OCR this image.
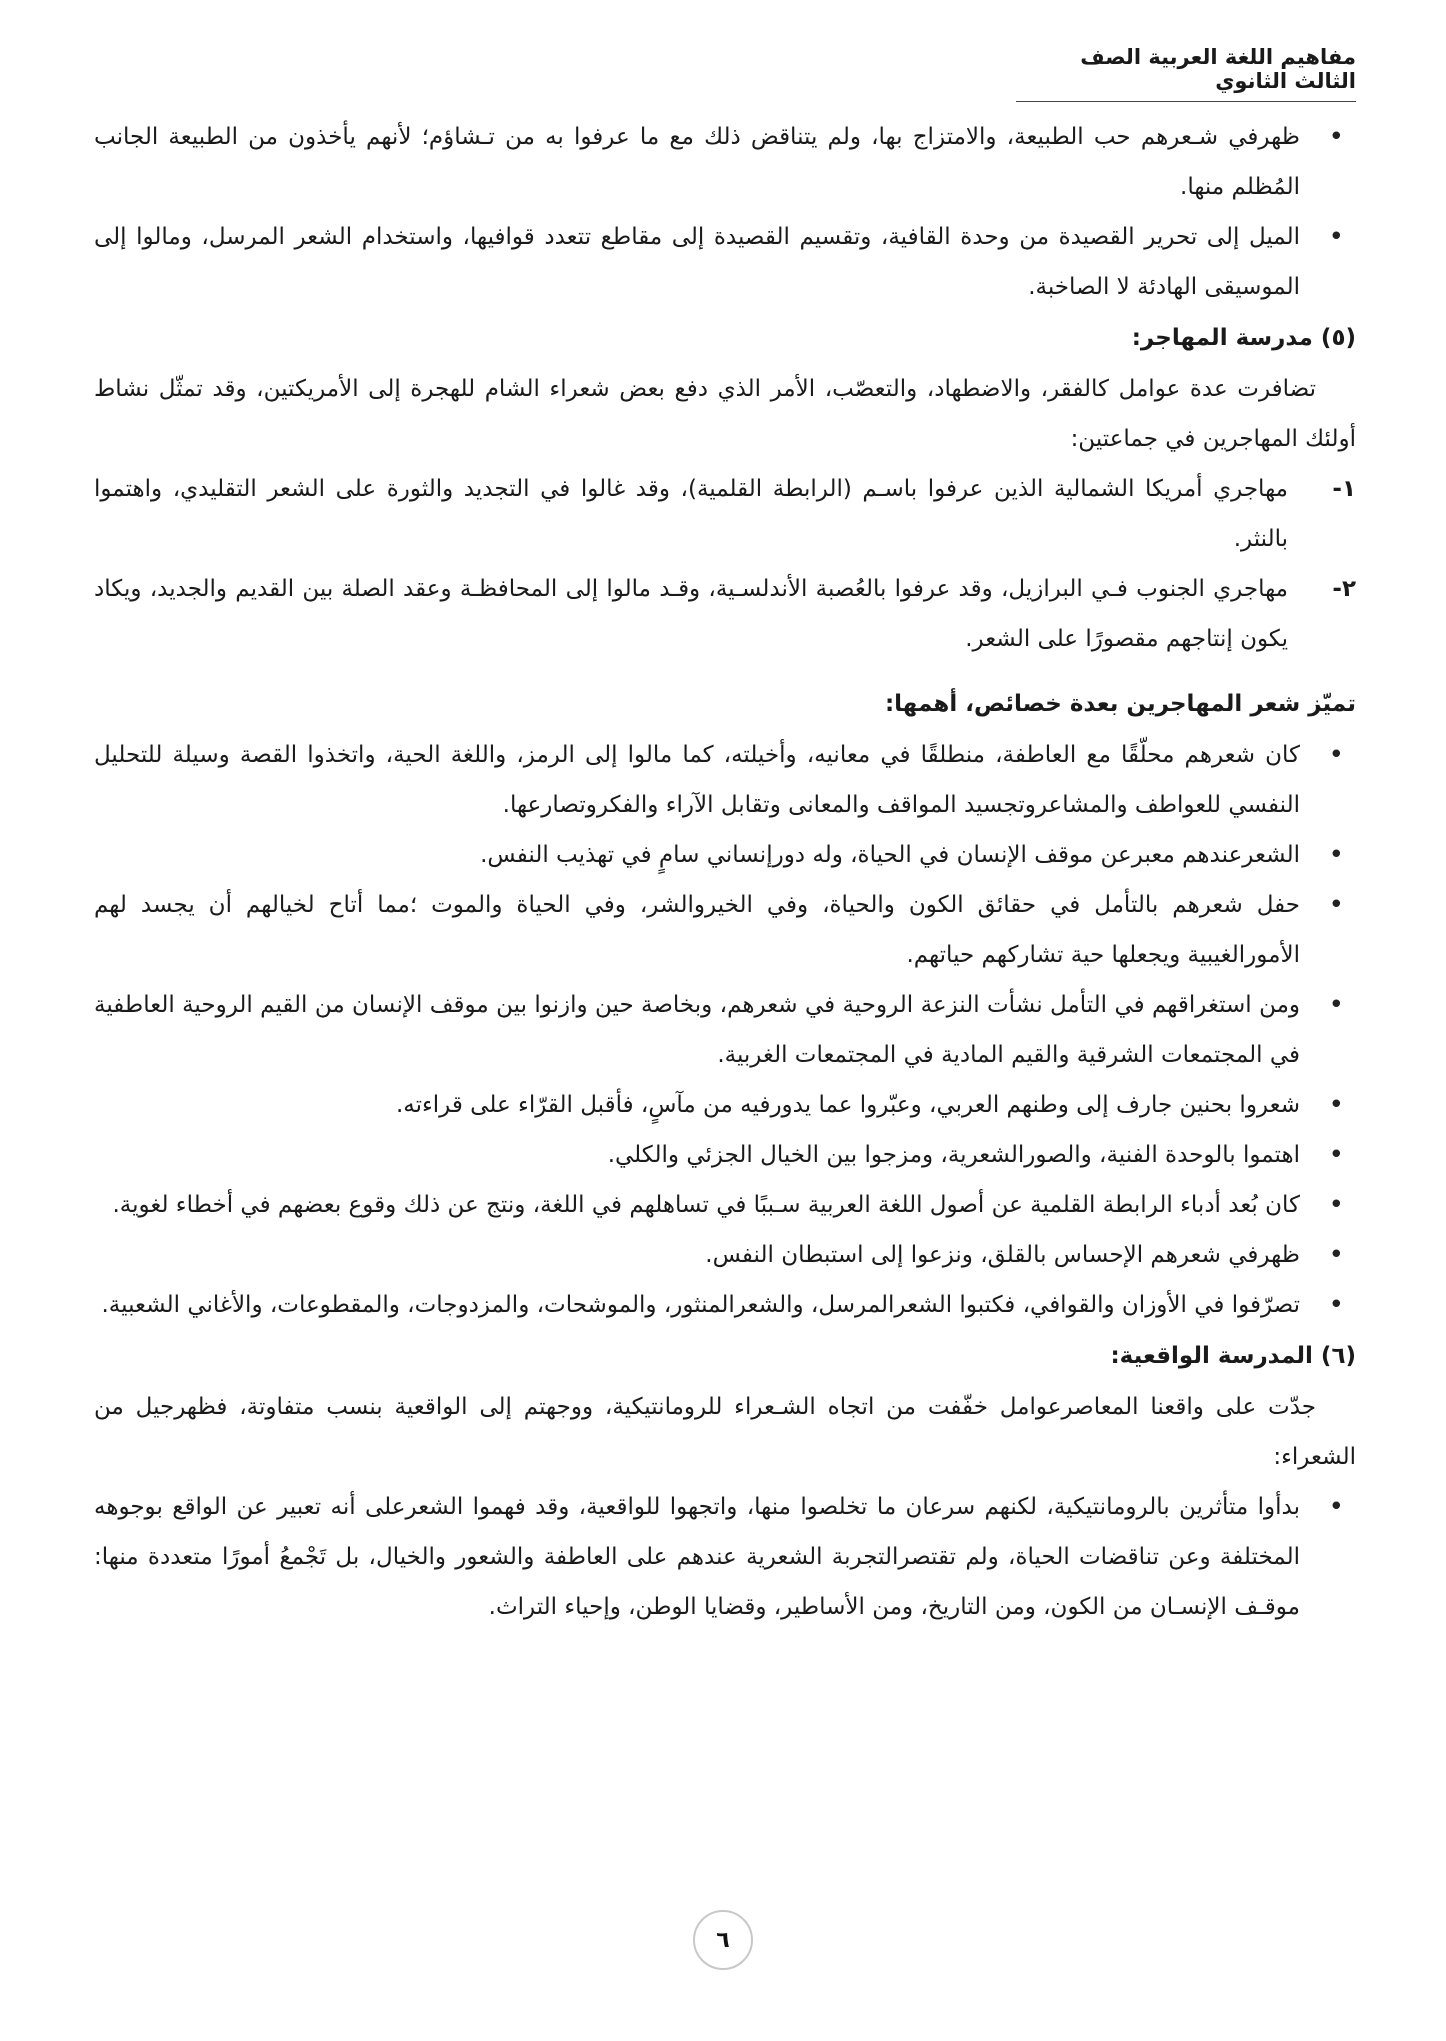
مفاهيم اللغة العربية الصف الثالث الثانوي
• ظهرفي شـعرهم حب الطبيعة، والامتزاج بها، ولم يتناقض ذلك مع ما عرفوا به من تـشاؤم؛ لأنهم يأخذون من الطبيعة الجانب المُظلم منها.
• الميل إلى تحرير القصيدة من وحدة القافية، وتقسيم القصيدة إلى مقاطع تتعدد قوافيها، واستخدام الشعر المرسل، ومالوا إلى الموسيقى الهادئة لا الصاخبة.
(٥) مدرسة المهاجر:
تضافرت عدة عوامل كالفقر، والاضطهاد، والتعصّب، الأمر الذي دفع بعض شعراء الشام للهجرة إلى الأمريكتين، وقد تمثّل نشاط أولئك المهاجرين في جماعتين:
١-
مهاجري أمريكا الشمالية الذين عرفوا باسـم (الرابطة القلمية)، وقد غالوا في التجديد والثورة على الشعر التقليدي، واهتموا بالنثر.
٢-
مهاجري الجنوب فـي البرازيل، وقد عرفوا بالعُصبة الأندلسـية، وقـد مالوا إلى المحافظـة وعقد الصلة بين القديم والجديد، ويكاد يكون إنتاجهم مقصورًا على الشعر.
تميّز شعر المهاجرين بعدة خصائص، أهمها:
• كان شعرهم محلّقًا مع العاطفة، منطلقًا في معانيه، وأخيلته، كما مالوا إلى الرمز، واللغة الحية، واتخذوا القصة وسيلة للتحليل النفسي للعواطف والمشاعروتجسيد المواقف والمعانى وتقابل الآراء والفكروتصارعها.
• الشعرعندهم معبرعن موقف الإنسان في الحياة، وله دورإنساني سامٍ في تهذيب النفس.
• حفل شعرهم بالتأمل في حقائق الكون والحياة، وفي الخيروالشر، وفي الحياة والموت ؛مما أتاح لخيالهم أن يجسد لهم الأمورالغيبية ويجعلها حية تشاركهم حياتهم.
• ومن استغراقهم في التأمل نشأت النزعة الروحية في شعرهم، وبخاصة حين وازنوا بين موقف الإنسان من القيم الروحية العاطفية في المجتمعات الشرقية والقيم المادية في المجتمعات الغربية.
• شعروا بحنين جارف إلى وطنهم العربي، وعبّروا عما يدورفيه من مآسٍ، فأقبل القرّاء على قراءته.
• اهتموا بالوحدة الفنية، والصورالشعرية، ومزجوا بين الخيال الجزئي والكلي.
• كان بُعد أدباء الرابطة القلمية عن أصول اللغة العربية سـببًا في تساهلهم في اللغة، ونتج عن ذلك وقوع بعضهم في أخطاء لغوية.
• ظهرفي شعرهم الإحساس بالقلق، ونزعوا إلى استبطان النفس.
• تصرّفوا في الأوزان والقوافي، فكتبوا الشعرالمرسل، والشعرالمنثور، والموشحات، والمزدوجات، والمقطوعات، والأغاني الشعبية.
(٦) المدرسة الواقعية:
جدّت على واقعنا المعاصرعوامل خفّفت من اتجاه الشـعراء للرومانتيكية، ووجهتم إلى الواقعية بنسب متفاوتة، فظهرجيل من الشعراء:
• بدأوا متأثرين بالرومانتيكية، لكنهم سرعان ما تخلصوا منها، واتجهوا للواقعية، وقد فهموا الشعرعلى أنه تعبير عن الواقع بوجوهه المختلفة وعن تناقضات الحياة، ولم تقتصرالتجربة الشعرية عندهم على العاطفة والشعور والخيال، بل تَجْمعُ أمورًا متعددة منها: موقـف الإنسـان من الكون، ومن التاريخ، ومن الأساطير، وقضايا الوطن، وإحياء التراث.
٦
